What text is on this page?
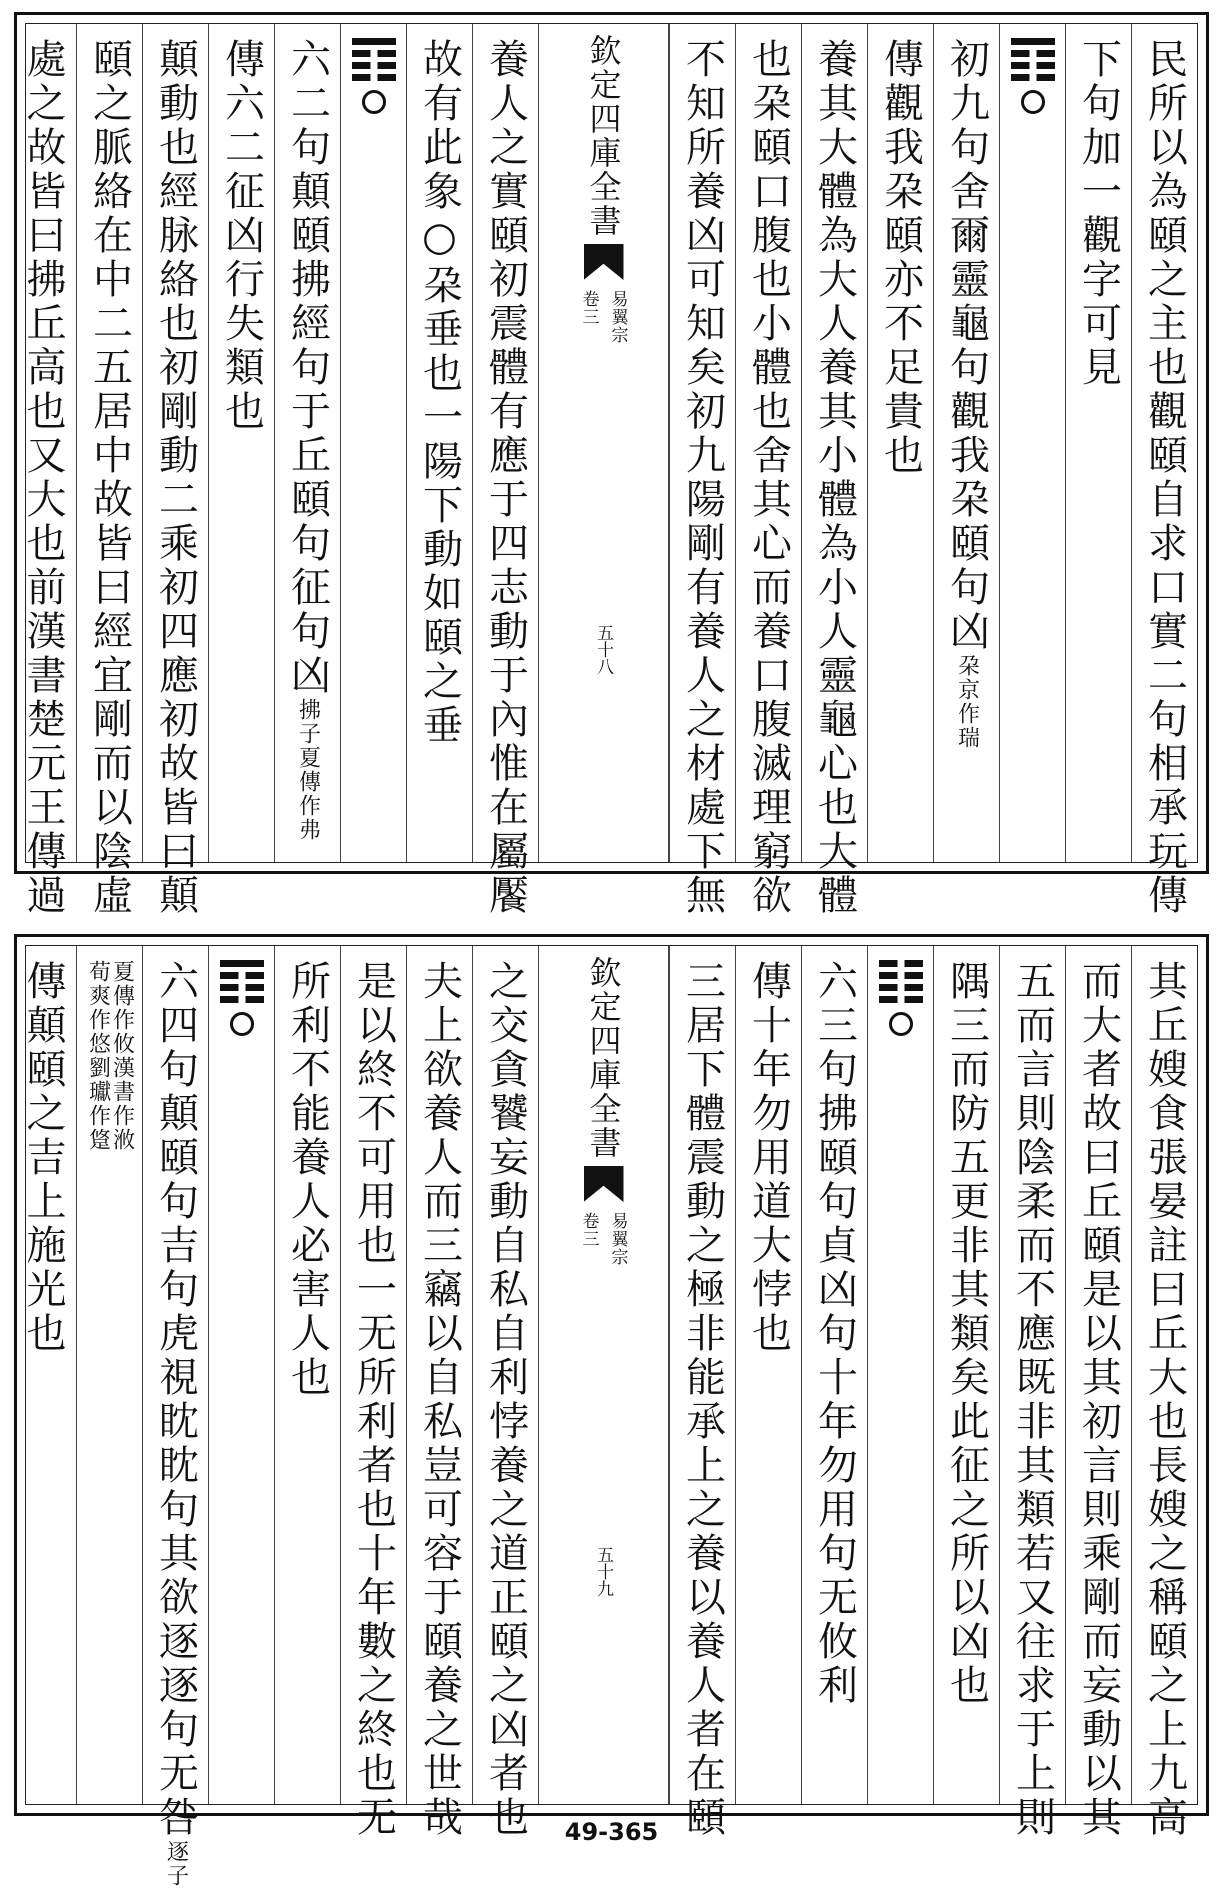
民所以為頤之主也觀頤自求口實二句相承玩傳
下句加一觀字可見
初九句舍爾靈龜句觀我朶頤句凶
朶京作瑞
傳觀我朶頤亦不足貴也
養其大體為大人養其小體為小人靈龜心也大體
也朶頤口腹也小體也舍其心而養口腹滅理窮欲
不知所養凶可知矣初九陽剛有養人之材處下無
欽定四庫全書
易翼宗
卷三
五十八
養人之實頤初震體有應于四志動于內惟在屬饜
故有此象○朶垂也一陽下動如頤之垂
六二句顛頤拂經句于丘頤句征句凶
拂子夏傳作弗
傳六二征凶行失類也
顛動也經脉絡也初剛動二乘初四應初故皆曰顛
頤之脈絡在中二五居中故皆曰經宜剛而以陰虛
處之故皆曰拂丘高也又大也前漢書楚元王傳過
其丘嫂食張晏註曰丘大也長嫂之稱頤之上九高
而大者故曰丘頤是以其初言則乘剛而妄動以其
五而言則陰柔而不應既非其類若又往求于上則
隅三而防五更非其類矣此征之所以凶也
六三句拂頤句貞凶句十年勿用句无攸利
傳十年勿用道大悖也
三居下體震動之極非能承上之養以養人者在頤
欽定四庫全書
易翼宗
卷三
五十九
之交貪饕妄動自私自利悖養之道正頤之凶者也
夫上欲養人而三竊以自私豈可容于頤養之世哉
是以終不可用也一无所利者也十年數之終也无
所利不能養人必害人也
六四句顛頤句吉句虎視眈眈句其欲逐逐句无咎
逐子
夏傳作攸漢書作浟
荀爽作悠劉瓛作跾
傳顛頤之吉上施光也
49-365
